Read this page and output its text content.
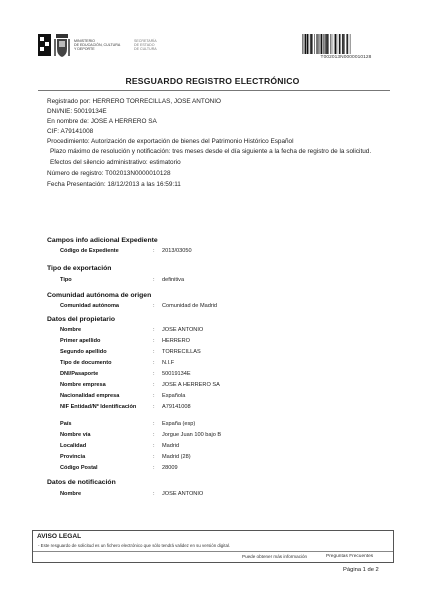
MINISTERIO
DE EDUCACIÓN, CULTURA
Y DEPORTE
SECRETARÍA
DE ESTADO
DE CULTURA
T002013N0000010128
RESGUARDO REGISTRO ELECTRÓNICO
Registrado por: HERRERO TORRECILLAS, JOSE ANTONIO
DNI/NIE: 50019134E
En nombre de: JOSE A HERRERO SA
CIF: A79141008
Procedimiento: Autorización de exportación de bienes del Patrimonio Histórico Español
Plazo máximo de resolución y notificación: tres meses desde el día siguiente a la fecha de registro de la solicitud.
Efectos del silencio administrativo: estimatorio
Número de registro: T002013N0000010128
Fecha Presentación: 18/12/2013 a las 16:59:11
Campos info adicional Expediente
Código de Expediente	: 2013/03050
Tipo de exportación
Tipo	: definitiva
Comunidad autónoma de origen
Comunidad autónoma	: Comunidad de Madrid
Datos del propietario
Nombre	: JOSE ANTONIO
Primer apellido	: HERRERO
Segundo apellido	: TORRECILLAS
Tipo de documento	: N.I.F
DNI/Pasaporte	: 50019134E
Nombre empresa	: JOSE A HERRERO SA
Nacionalidad empresa	: Española
NIF Entidad/Nº Identificación	: A79141008
País	: España (esp)
Nombre vía	: Jorgue Juan 100 bajo B
Localidad	: Madrid
Provincia	: Madrid (28)
Código Postal	: 28009
Datos de notificación
Nombre	: JOSE ANTONIO
AVISO LEGAL
- Este resguardo de solicitud es un fichero electrónico que sólo tendrá validez en su versión digital.
Puede obtener más información	Preguntas Frecuentes
Página 1 de 2
